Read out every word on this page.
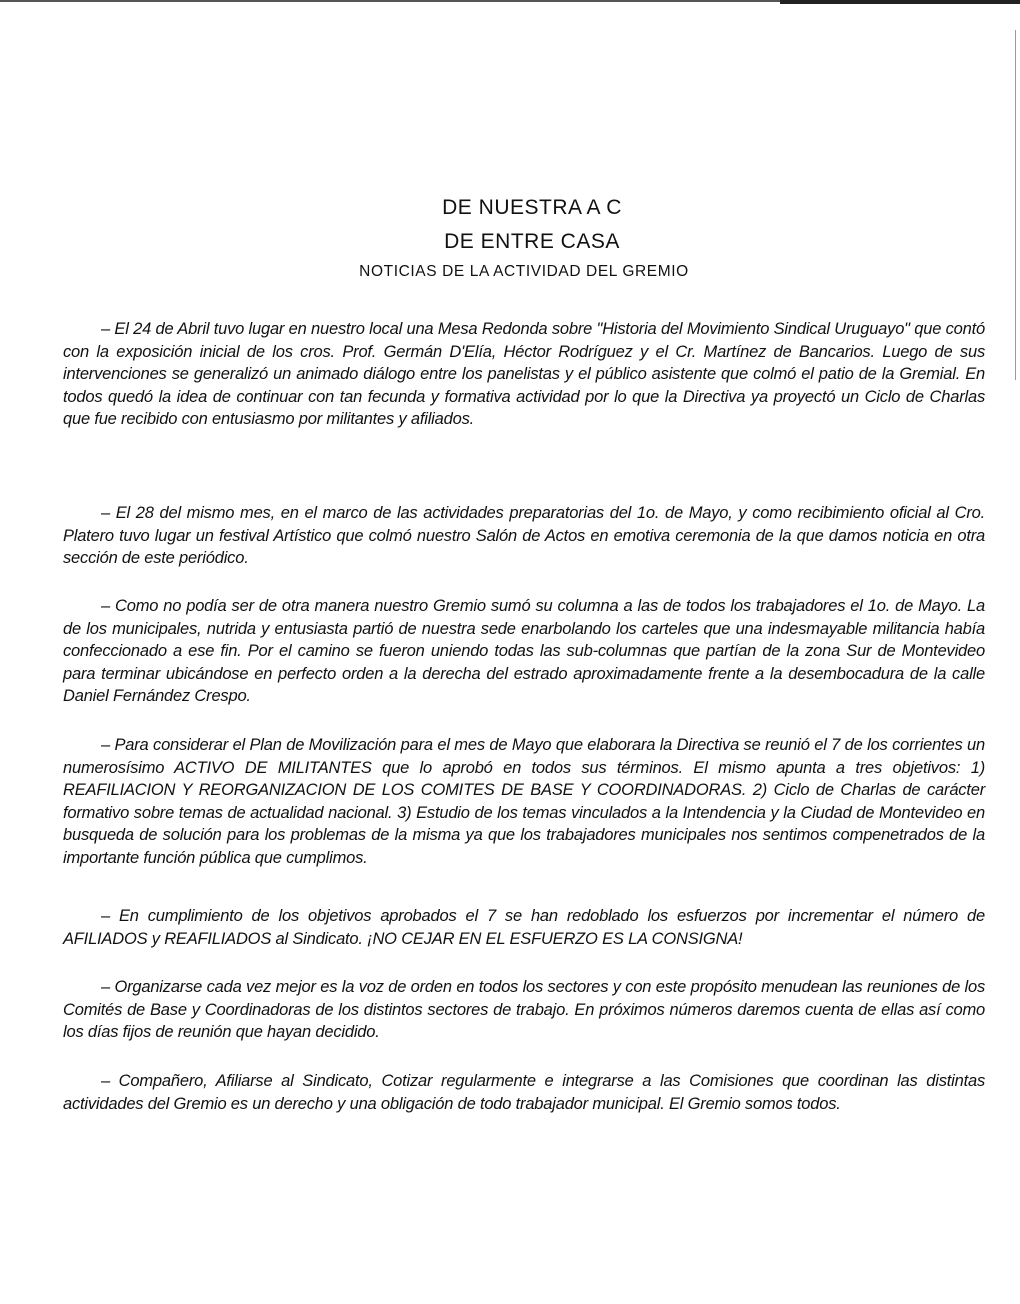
DE NUESTRA A C
DE ENTRE CASA
NOTICIAS DE LA ACTIVIDAD DEL GREMIO

– El 24 de Abril tuvo lugar en nuestro local una Mesa Redonda sobre "Historia del Movimiento Sindical Uruguayo" que contó con la exposición inicial de los cros. Prof. Germán D'Elía, Héctor Rodríguez y el Cr. Martínez de Bancarios. Luego de sus intervenciones se generalizó un animado diálogo entre los panelistas y el público asistente que colmó el patio de la Gremial. En todos quedó la idea de continuar con tan fecunda y formativa actividad por lo que la Directiva ya proyectó un Ciclo de Charlas que fue recibido con entusiasmo por militantes y afiliados.

– El 28 del mismo mes, en el marco de las actividades preparatorias del 1o. de Mayo, y como recibimiento oficial al Cro. Platero tuvo lugar un festival Artístico que colmó nuestro Salón de Actos en emotiva ceremonia de la que damos noticia en otra sección de este periódico.

– Como no podía ser de otra manera nuestro Gremio sumó su columna a las de todos los trabajadores el 1o. de Mayo. La de los municipales, nutrida y entusiasta partió de nuestra sede enarbolando los carteles que una indesmayable militancia había confeccionado a ese fin. Por el camino se fueron uniendo todas las sub-columnas que partían de la zona Sur de Montevideo para terminar ubicándose en perfecto orden a la derecha del estrado aproximadamente frente a la desembocadura de la calle Daniel Fernández Crespo.

– Para considerar el Plan de Movilización para el mes de Mayo que elaborara la Directiva se reunió el 7 de los corrientes un numerosísimo ACTIVO DE MILITANTES que lo aprobó en todos sus términos. El mismo apunta a tres objetivos: 1) REAFILIACION Y REORGANIZACION DE LOS COMITES DE BASE Y COORDINADORAS. 2) Ciclo de Charlas de carácter formativo sobre temas de actualidad nacional. 3) Estudio de los temas vinculados a la Intendencia y la Ciudad de Montevideo en busqueda de solución para los problemas de la misma ya que los trabajadores municipales nos sentimos compenetrados de la importante función pública que cumplimos.

– En cumplimiento de los objetivos aprobados el 7 se han redoblado los esfuerzos por incrementar el número de AFILIADOS y REAFILIADOS al Sindicato. ¡NO CEJAR EN EL ESFUERZO ES LA CONSIGNA!

– Organizarse cada vez mejor es la voz de orden en todos los sectores y con este propósito menudean las reuniones de los Comités de Base y Coordinadoras de los distintos sectores de trabajo. En próximos números daremos cuenta de ellas así como los días fijos de reunión que hayan decidido.

– Compañero, Afiliarse al Sindicato, Cotizar regularmente e integrarse a las Comisiones que coordinan las distintas actividades del Gremio es un derecho y una obligación de todo trabajador municipal. El Gremio somos todos.
